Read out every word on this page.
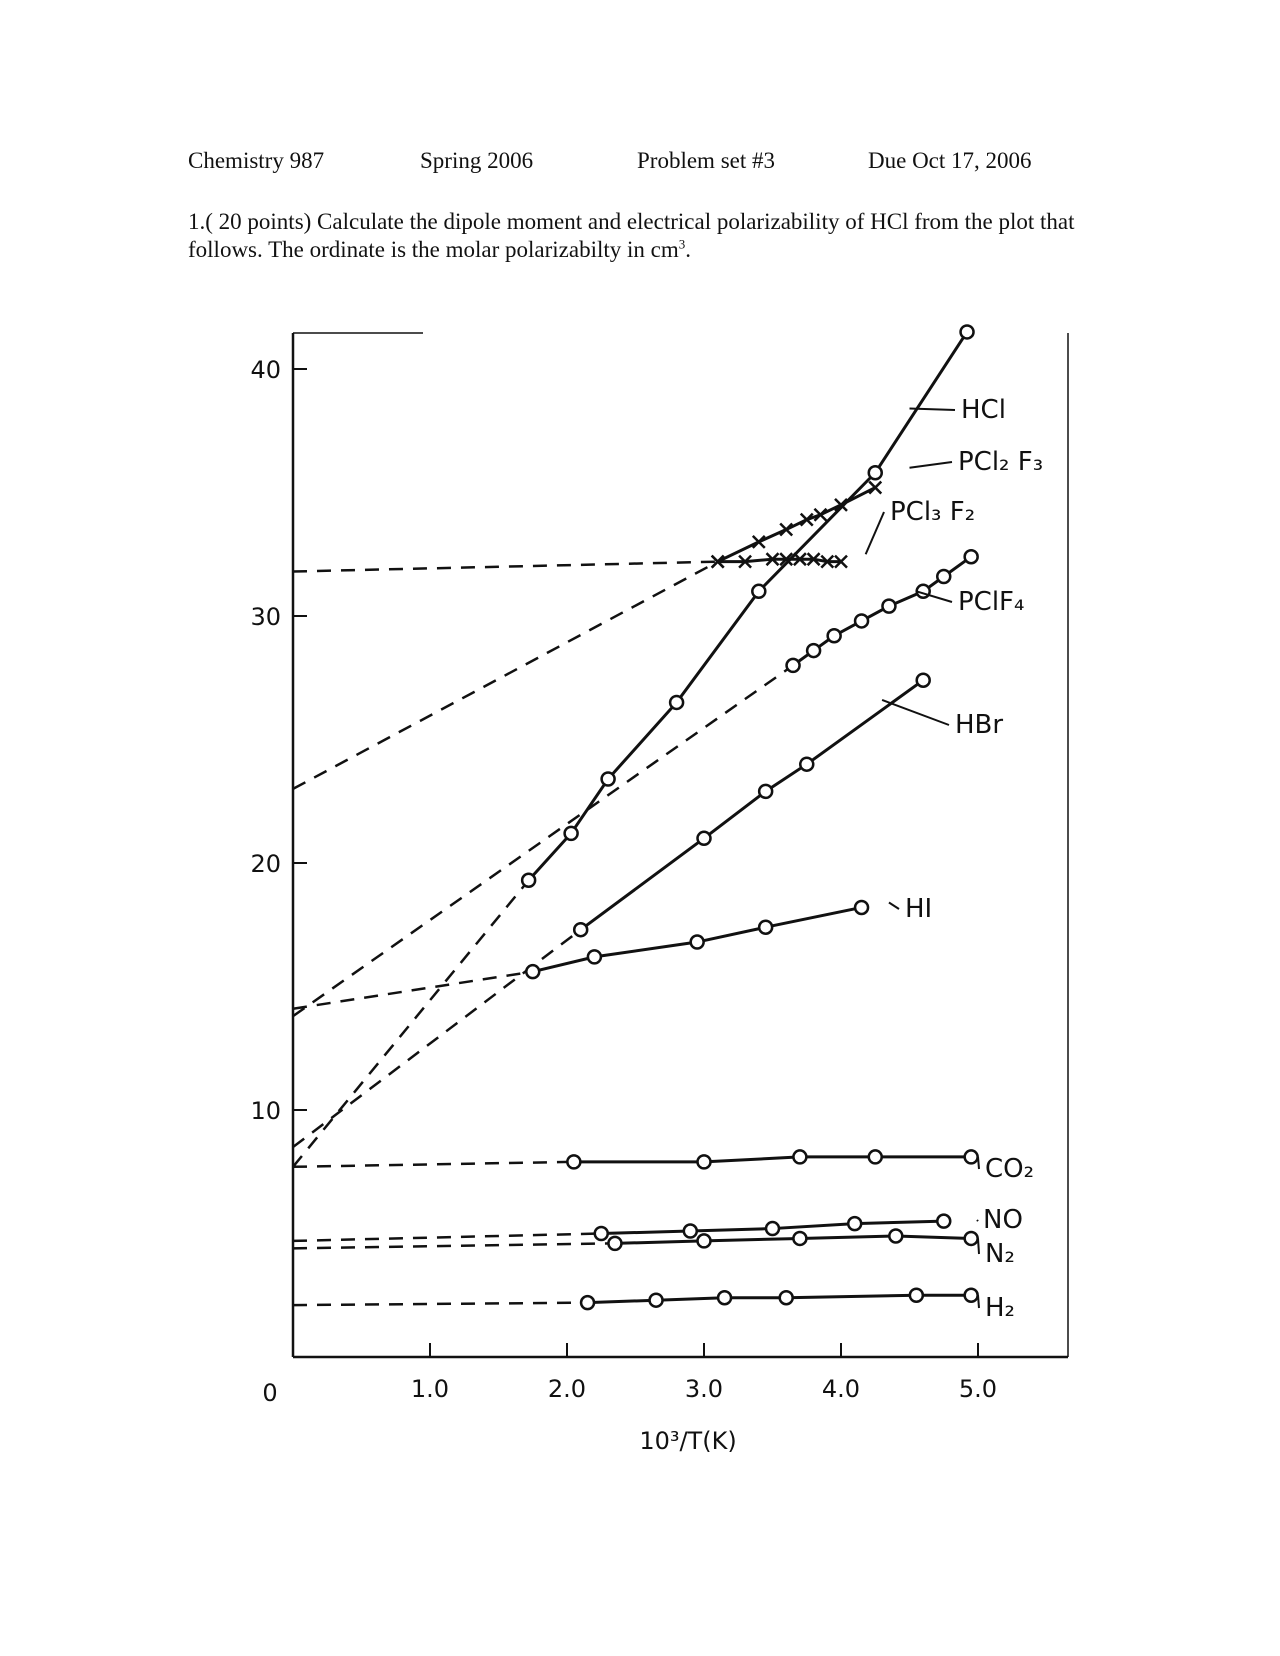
Chemistry 987	Spring 2006	Problem set #3	Due Oct 17, 2006
1.( 20 points) Calculate the dipole moment and electrical polarizability of HCl from the plot that follows. The ordinate is the molar polarizabilty in $cm^3$.
10
20
30
40
1.0	2.0	3.0	4.0	5.0
0
10³/T(K)
HCl
PCl₂ F₃
PCl₃ F₂
PClF₄
HBr
HI
CO₂
NO
N₂
H₂
